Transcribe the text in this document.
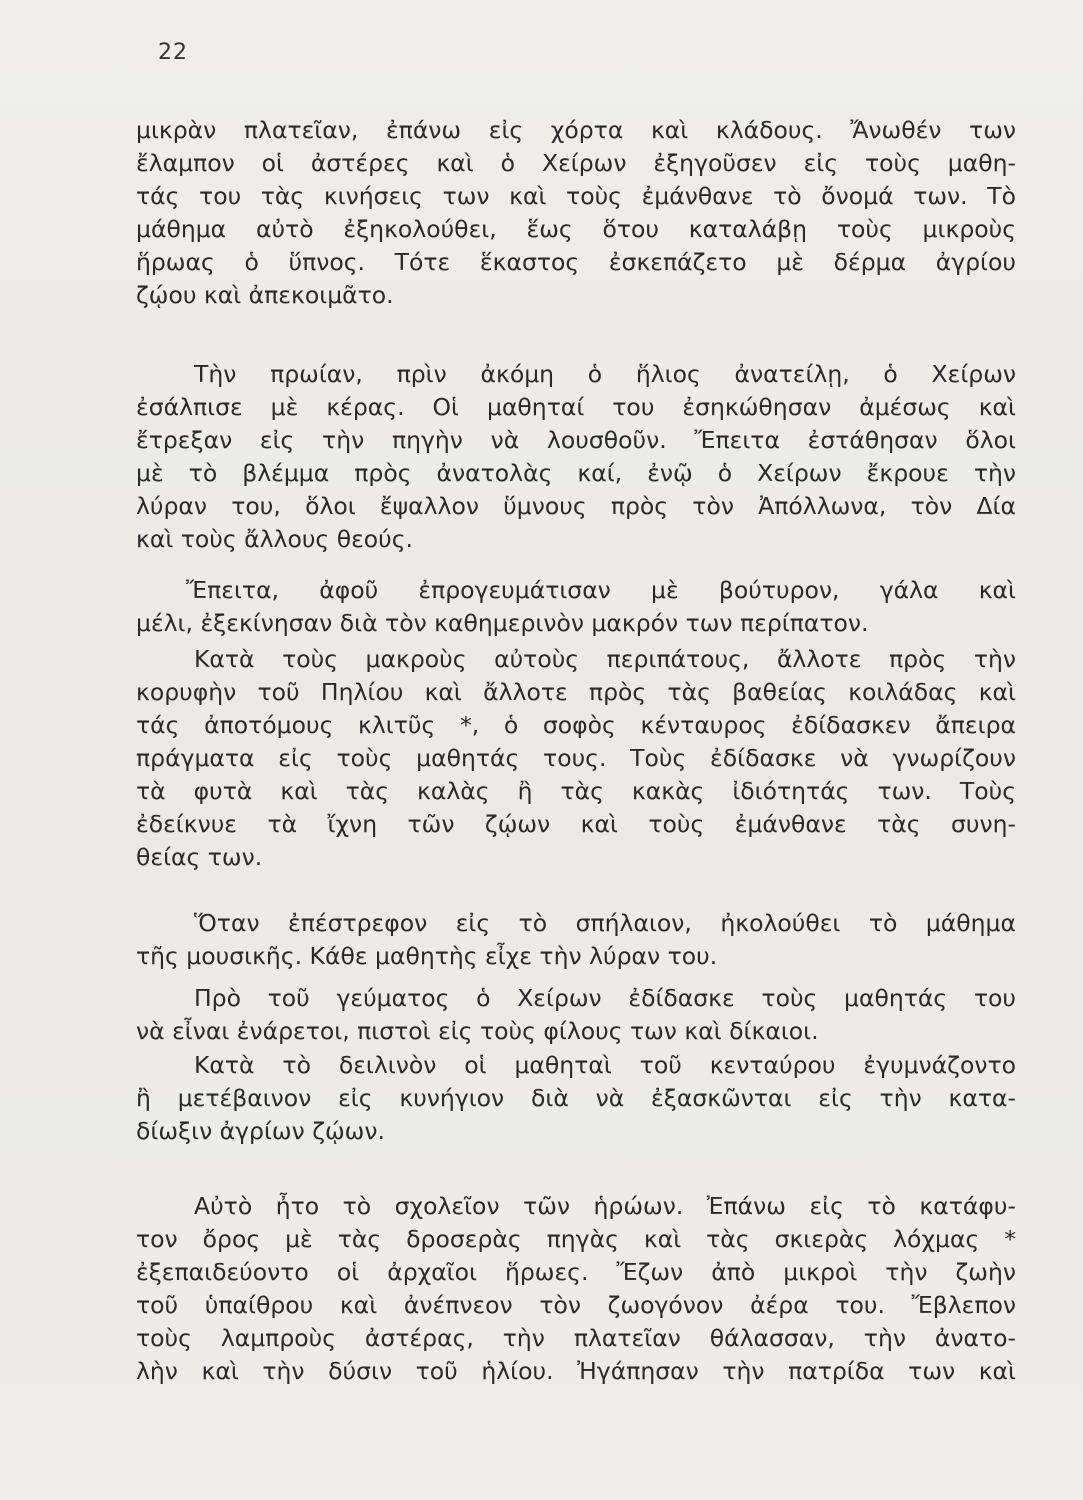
22
μικρὰν πλατεῖαν, ἐπάνω εἰς χόρτα καὶ κλάδους. Ἄνωθέν των
ἔλαμπον οἱ ἀστέρες καὶ ὁ Χείρων ἐξηγοῦσεν εἰς τοὺς μαθη-
τάς του τὰς κινήσεις των καὶ τοὺς ἐμάνθανε τὸ ὄνομά των. Τὸ
μάθημα αὐτὸ ἐξηκολούθει, ἕως ὅτου καταλάβῃ τοὺς μικροὺς
ἥρωας ὁ ὕπνος. Τότε ἕκαστος ἐσκεπάζετο μὲ δέρμα ἀγρίου
ζῴου καὶ ἀπεκοιμᾶτο.
Τὴν πρωίαν, πρὶν ἀκόμη ὁ ἥλιος ἀνατείλῃ, ὁ Χείρων
ἐσάλπισε μὲ κέρας. Οἱ μαθηταί του ἐσηκώθησαν ἀμέσως καὶ
ἔτρεξαν εἰς τὴν πηγὴν νὰ λουσθοῦν. Ἔπειτα ἐστάθησαν ὅλοι
μὲ τὸ βλέμμα πρὸς ἀνατολὰς καί, ἐνῷ ὁ Χείρων ἔκρουε τὴν
λύραν του, ὅλοι ἔψαλλον ὕμνους πρὸς τὸν Ἀπόλλωνα, τὸν Δία
καὶ τοὺς ἄλλους θεούς.
Ἔπειτα, ἀφοῦ ἐπρογευμάτισαν μὲ βούτυρον, γάλα καὶ
μέλι, ἐξεκίνησαν διὰ τὸν καθημερινὸν μακρόν των περίπατον.
Κατὰ τοὺς μακροὺς αὐτοὺς περιπάτους, ἄλλοτε πρὸς τὴν
κορυφὴν τοῦ Πηλίου καὶ ἄλλοτε πρὸς τὰς βαθείας κοιλάδας καὶ
τάς ἀποτόμους κλιτῦς *, ὁ σοφὸς κένταυρος ἐδίδασκεν ἄπειρα
πράγματα εἰς τοὺς μαθητάς τους. Τοὺς ἐδίδασκε νὰ γνωρίζουν
τὰ φυτὰ καὶ τὰς καλὰς ἢ τὰς κακὰς ἰδιότητάς των. Τοὺς
ἐδείκνυε τὰ ἴχνη τῶν ζῴων καὶ τοὺς ἐμάνθανε τὰς συνη-
θείας των.
Ὅταν ἐπέστρεφον εἰς τὸ σπήλαιον, ἠκολούθει τὸ μάθημα
τῆς μουσικῆς. Κάθε μαθητὴς εἶχε τὴν λύραν του.
Πρὸ τοῦ γεύματος ὁ Χείρων ἐδίδασκε τοὺς μαθητάς του
νὰ εἶναι ἐνάρετοι, πιστοὶ εἰς τοὺς φίλους των καὶ δίκαιοι.
Κατὰ τὸ δειλινὸν οἱ μαθηταὶ τοῦ κενταύρου ἐγυμνάζοντο
ἢ μετέβαινον εἰς κυνήγιον διὰ νὰ ἐξασκῶνται εἰς τὴν κατα-
δίωξιν ἀγρίων ζῴων.
Αὐτὸ ἦτο τὸ σχολεῖον τῶν ἡρώων. Ἐπάνω εἰς τὸ κατάφυ-
τον ὄρος μὲ τὰς δροσερὰς πηγὰς καὶ τὰς σκιερὰς λόχμας *
ἐξεπαιδεύοντο οἱ ἀρχαῖοι ἥρωες. Ἔζων ἀπὸ μικροὶ τὴν ζωὴν
τοῦ ὑπαίθρου καὶ ἀνέπνεον τὸν ζωογόνον ἀέρα του. Ἔβλεπον
τοὺς λαμπροὺς ἀστέρας, τὴν πλατεῖαν θάλασσαν, τὴν ἀνατο-
λὴν καὶ τὴν δύσιν τοῦ ἡλίου. Ἠγάπησαν τὴν πατρίδα των καὶ
